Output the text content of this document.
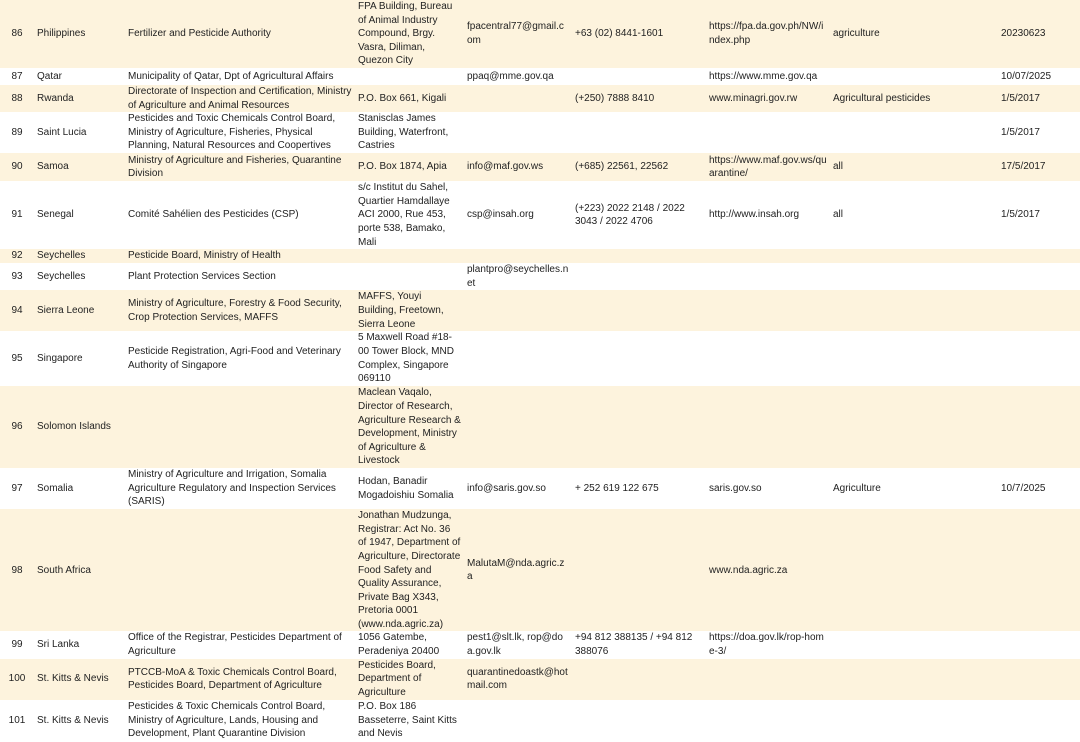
86	Philippines	Fertilizer and Pesticide Authority	FPA Building, Bureau of Animal Industry Compound, Brgy. Vasra, Diliman, Quezon City	fpacentral77@gmail.com	+63 (02) 8441-1601	https://fpa.da.gov.ph/NW/index.php	agriculture	20230623
87	Qatar	Municipality of Qatar, Dpt of Agricultural Affairs		ppaq@mme.gov.qa		https://www.mme.gov.qa		10/07/2025
88	Rwanda	Directorate of Inspection and Certification, Ministry of Agriculture and Animal Resources	P.O. Box 661, Kigali		(+250) 7888 8410	www.minagri.gov.rw	Agricultural pesticides	1/5/2017
89	Saint Lucia	Pesticides and Toxic Chemicals Control Board, Ministry of Agriculture, Fisheries, Physical Planning, Natural Resources and Coopertives	Stanisclas James Building, Waterfront, Castries					1/5/2017
90	Samoa	Ministry of Agriculture and Fisheries, Quarantine Division	P.O. Box 1874, Apia	info@maf.gov.ws	(+685) 22561, 22562	https://www.maf.gov.ws/quarantine/	all	17/5/2017
91	Senegal	Comité Sahélien des Pesticides (CSP)	s/c Institut du Sahel, Quartier Hamdallaye ACI 2000, Rue 453, porte 538, Bamako, Mali	csp@insah.org	(+223) 2022 2148 / 2022 3043 / 2022 4706	http://www.insah.org	all	1/5/2017
92	Seychelles	Pesticide Board, Ministry of Health						
93	Seychelles	Plant Protection Services Section		plantpro@seychelles.net				
94	Sierra Leone	Ministry of Agriculture, Forestry & Food Security, Crop Protection Services, MAFFS	MAFFS, Youyi Building, Freetown, Sierra Leone					
95	Singapore	Pesticide Registration, Agri-Food and Veterinary Authority of Singapore	5 Maxwell Road #18-00 Tower Block, MND Complex, Singapore 069110					
96	Solomon Islands		Maclean Vaqalo, Director of Research, Agriculture Research & Development, Ministry of Agriculture & Livestock					
97	Somalia	Ministry of Agriculture and Irrigation, Somalia Agriculture Regulatory and Inspection Services (SARIS)	Hodan, Banadir Mogadoishiu Somalia	info@saris.gov.so	+ 252 619 122 675	saris.gov.so	Agriculture	10/7/2025
98	South Africa		Jonathan Mudzunga, Registrar: Act No. 36 of 1947, Department of Agriculture, Directorate Food Safety and Quality Assurance, Private Bag X343, Pretoria 0001 (www.nda.agric.za)	MalutaM@nda.agric.za		www.nda.agric.za		
99	Sri Lanka	Office of the Registrar, Pesticides Department of Agriculture	1056 Gatembe, Peradeniya 20400	pest1@slt.lk, rop@doa.gov.lk	+94 812 388135 / +94 812 388076	https://doa.gov.lk/rop-home-3/		
100	St. Kitts & Nevis	PTCCB-MoA & Toxic Chemicals Control Board, Pesticides Board, Department of Agriculture	Pesticides Board, Department of Agriculture	quarantinedoastk@hotmail.com				
101	St. Kitts & Nevis	Pesticides & Toxic Chemicals Control Board, Ministry of Agriculture, Lands, Housing and Development, Plant Quarantine Division	P.O. Box 186 Basseterre, Saint Kitts and Nevis					
